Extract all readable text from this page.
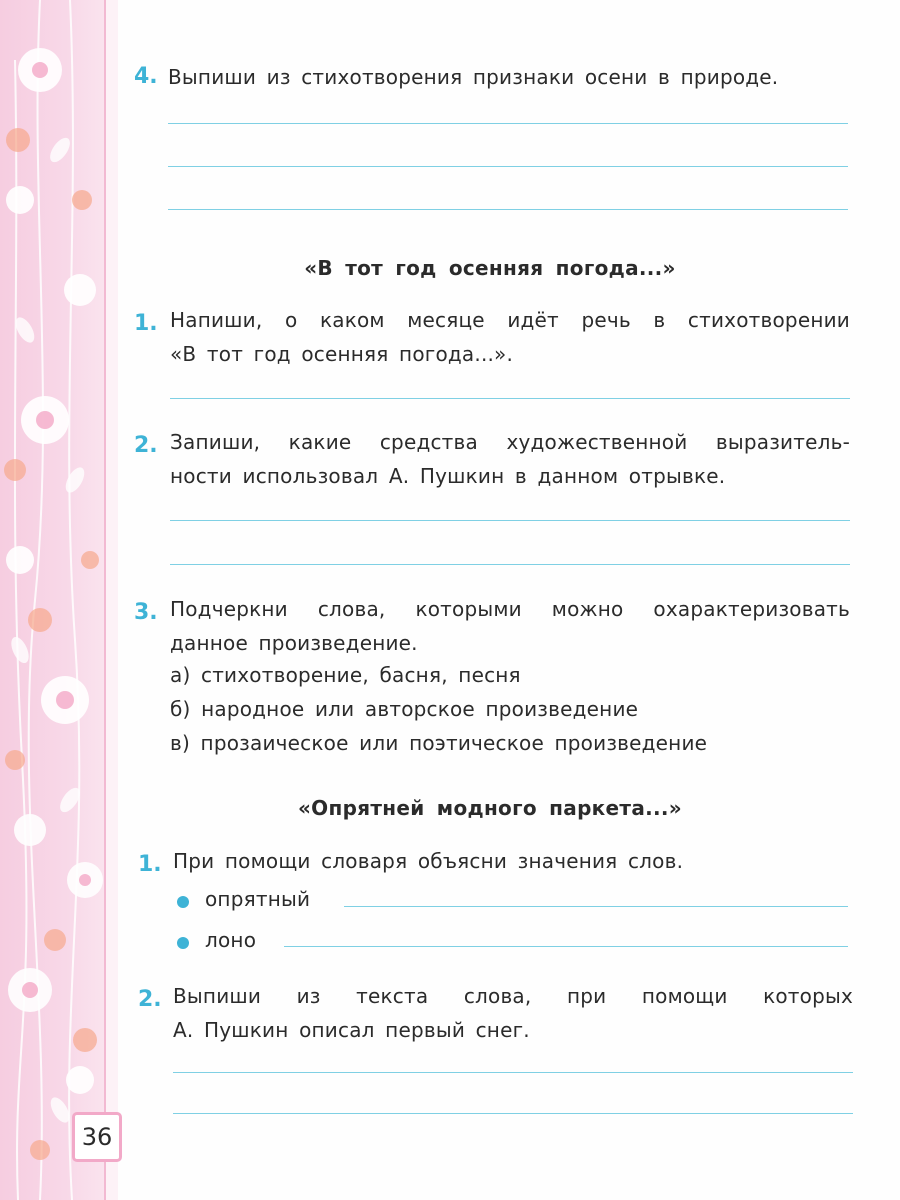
4. Выпиши из стихотворения признаки осени в природе.
«В тот год осенняя погода...»
1. Напиши, о каком месяце идёт речь в стихотворении
«В тот год осенняя погода...».
2. Запиши, какие средства художественной выразитель-
ности использовал А. Пушкин в данном отрывке.
3. Подчеркни слова, которыми можно охарактеризовать
данное произведение.
а) стихотворение, басня, песня
б) народное или авторское произведение
в) прозаическое или поэтическое произведение
«Опрятней модного паркета...»
1. При помощи словаря объясни значения слов.
опрятный
лоно
2. Выпиши из текста слова, при помощи которых
А. Пушкин описал первый снег.
36
